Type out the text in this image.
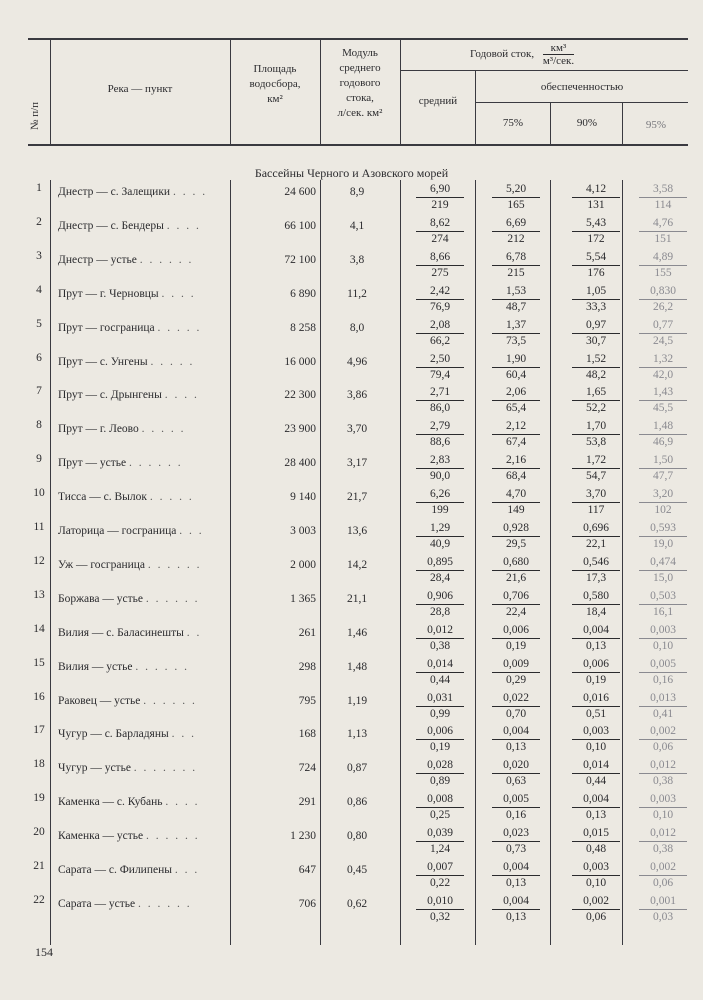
№ п/п
Река — пункт
Площадь
водосбора,
км²
Модуль
среднего
годового
стока,
л/сек. км²
Годовой сток,
км³
м³/сек.
средний
обеспеченностью
75%	90%	95%
Бассейны Черного и Азовского морей
1	Днестр — с. Залещики . . . .	24 600	8,9	$\frac{6,90}{219} \frac{5,20}{165} \frac{4,12}{131} \frac{3,58}{114}$
2	Днестр — с. Бендеры . . . .	66 100	4,1	$\frac{8,62}{274} \frac{6,69}{212} \frac{5,43}{172} \frac{4,76}{151}$
3	Днестр — устье . . . . . .	72 100	3,8	$\frac{8,66}{275} \frac{6,78}{215} \frac{5,54}{176} \frac{4,89}{155}$
4	Прут — г. Черновцы . . . .	6 890	11,2	$\frac{2,42}{76,9} \frac{1,53}{48,7} \frac{1,05}{33,3} \frac{0,830}{26,2}$
5	Прут — госграница . . . . .	8 258	8,0	$\frac{2,08}{66,2} \frac{1,37}{73,5} \frac{0,97}{30,7} \frac{0,77}{24,5}$
6	Прут — с. Унгены . . . . .	16 000	4,96	$\frac{2,50}{79,4} \frac{1,90}{60,4} \frac{1,52}{48,2} \frac{1,32}{42,0}$
7	Прут — с. Дрынгены . . . .	22 300	3,86	$\frac{2,71}{86,0} \frac{2,06}{65,4} \frac{1,65}{52,2} \frac{1,43}{45,5}$
8	Прут — г. Леово . . . . .	23 900	3,70	$\frac{2,79}{88,6} \frac{2,12}{67,4} \frac{1,70}{53,8} \frac{1,48}{46,9}$
9	Прут — устье . . . . . .	28 400	3,17	$\frac{2,83}{90,0} \frac{2,16}{68,4} \frac{1,72}{54,7} \frac{1,50}{47,7}$
10 Тисса — с. Вылок . . . . .	9 140	21,7	$\frac{6,26}{199} \frac{4,70}{149} \frac{3,70}{117} \frac{3,20}{102}$
11	Латорица — госграница . . .	3 003	13,6	$\frac{1,29}{40,9} \frac{0,928}{29,5} \frac{0,696}{22,1} \frac{0,593}{19,0}$
12 Уж — госграница . . . . . .	2 000	14,2	$\frac{0,895}{28,4} \frac{0,680}{21,6} \frac{0,546}{17,3} \frac{0,474}{15,0}$
13 Боржава — устье . . . . . .	1 365	21,1	$\frac{0,906}{28,8} \frac{0,706}{22,4} \frac{0,580}{18,4} \frac{0,503}{16,1}$
14 Вилия — с. Баласинешты . .	261	1,46	$\frac{0,012}{0,38} \frac{0,006}{0,19} \frac{0,004}{0,13} \frac{0,003}{0,10}$
15 Вилия — устье . . . . . .	298	1,48	$\frac{0,014}{0,44} \frac{0,009}{0,29} \frac{0,006}{0,19} \frac{0,005}{0,16}$
16 Раковец — устье . . . . . .	795	1,19	$\frac{0,031}{0,99} \frac{0,022}{0,70} \frac{0,016}{0,51} \frac{0,013}{0,41}$
17 Чугур — с. Барладяны . . .	168	1,13	$\frac{0,006}{0,19} \frac{0,004}{0,13} \frac{0,003}{0,10} \frac{0,002}{0,06}$
18 Чугур — устье . . . . . . .	724	0,87	$\frac{0,028}{0,89} \frac{0,020}{0,63} \frac{0,014}{0,44} \frac{0,012}{0,38}$
19 Каменка — с. Кубань . . . .	291	0,86	$\frac{0,008}{0,25} \frac{0,005}{0,16} \frac{0,004}{0,13} \frac{0,003}{0,10}$
20 Каменка — устье . . . . . .	1 230	0,80	$\frac{0,039}{1,24} \frac{0,023}{0,73} \frac{0,015}{0,48} \frac{0,012}{0,38}$
21 Сарата — с. Филипены . . .	647	0,45	$\frac{0,007}{0,22} \frac{0,004}{0,13} \frac{0,003}{0,10} \frac{0,002}{0,06}$
22 Сарата — устье . . . . . .	706	0,62	$\frac{0,010}{0,32} \frac{0,004}{0,13} \frac{0,002}{0,06} \frac{0,001}{0,03}$
154
